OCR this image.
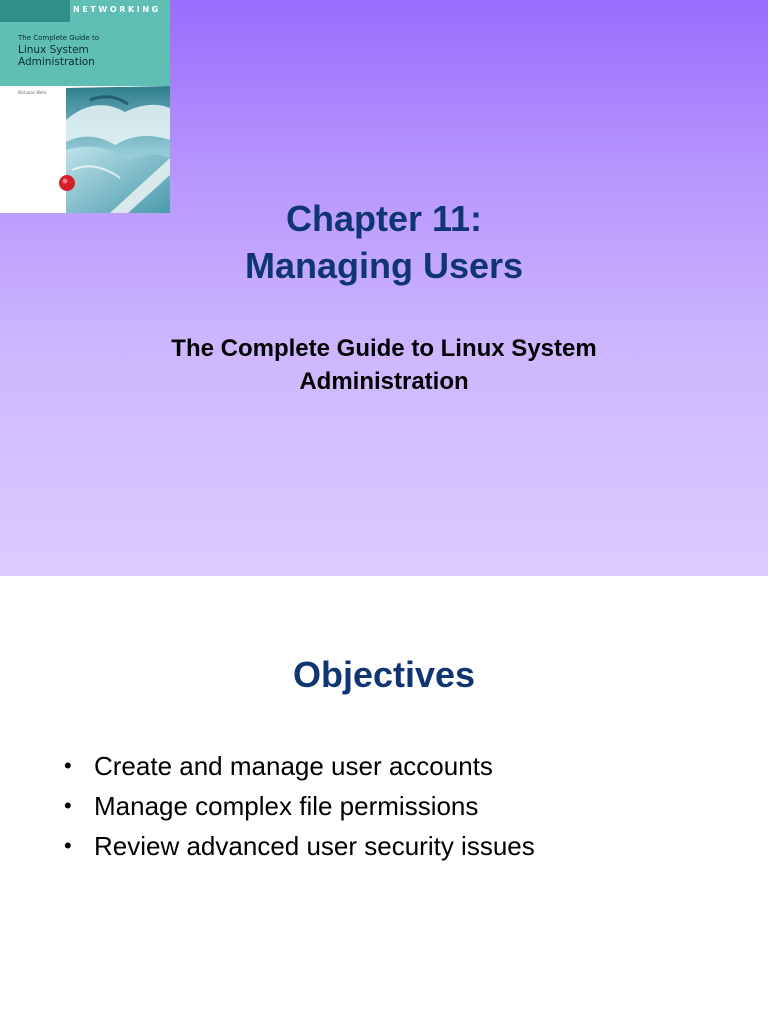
NETWORKING
The Complete Guide to
Linux System
Administration
Nicholas Wells
Chapter 11:
Managing Users
The Complete Guide to Linux System
Administration
Objectives
• Create and manage user accounts
• Manage complex file permissions
• Review advanced user security issues
